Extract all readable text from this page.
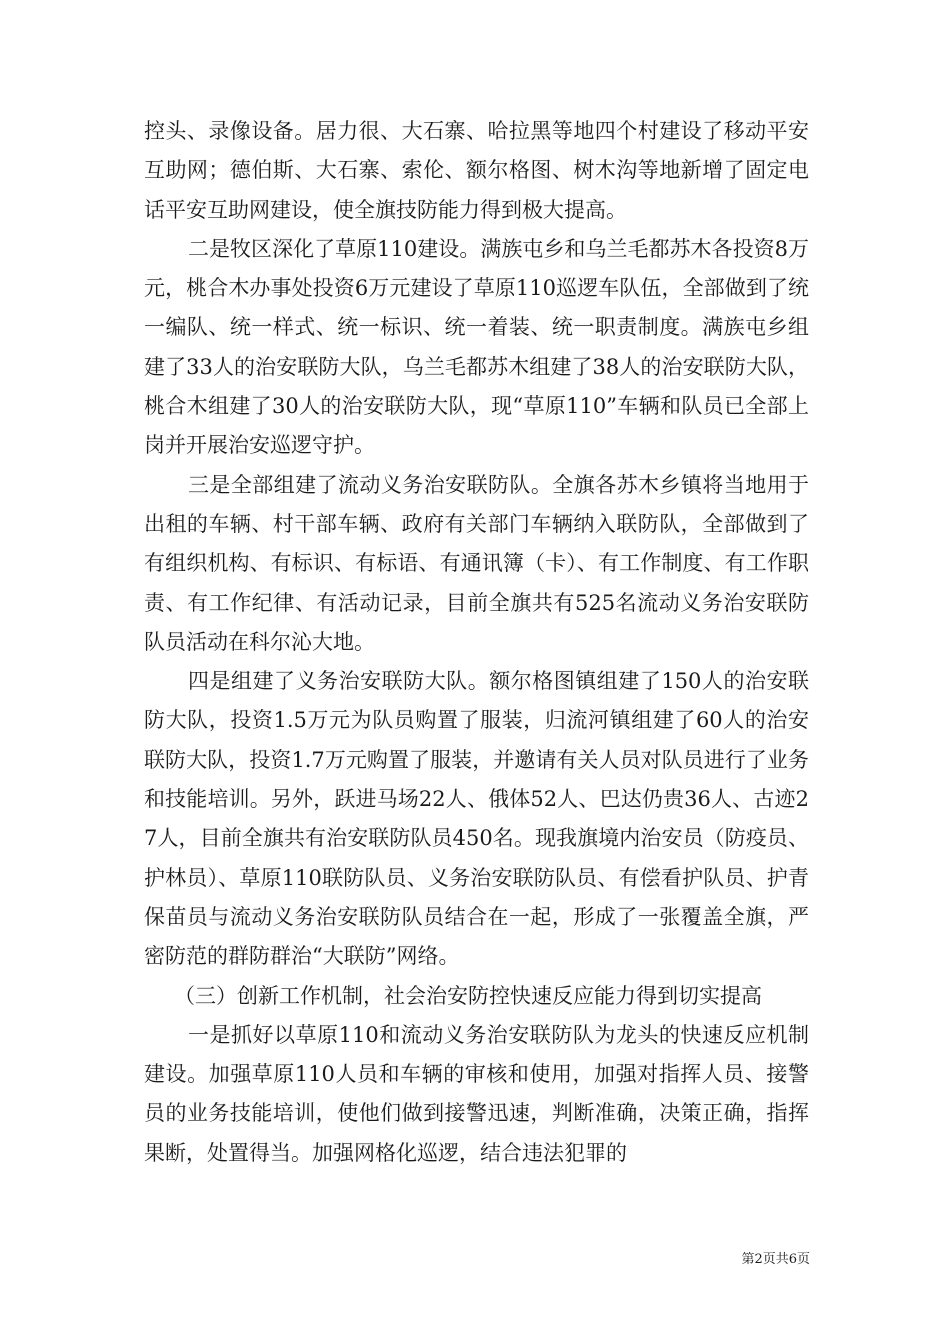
控头、录像设备。居力很、大石寨、哈拉黑等地四个村建设了移动平安互助网；德伯斯、大石寨、索伦、额尔格图、树木沟等地新增了固定电话平安互助网建设，使全旗技防能力得到极大提高。

二是牧区深化了草原110建设。满族屯乡和乌兰毛都苏木各投资8万元，桃合木办事处投资6万元建设了草原110巡逻车队伍，全部做到了统一编队、统一样式、统一标识、统一着装、统一职责制度。满族屯乡组建了33人的治安联防大队，乌兰毛都苏木组建了38人的治安联防大队，桃合木组建了30人的治安联防大队，现“草原110”车辆和队员已全部上岗并开展治安巡逻守护。

三是全部组建了流动义务治安联防队。全旗各苏木乡镇将当地用于出租的车辆、村干部车辆、政府有关部门车辆纳入联防队，全部做到了有组织机构、有标识、有标语、有通讯簿（卡）、有工作制度、有工作职责、有工作纪律、有活动记录，目前全旗共有525名流动义务治安联防队员活动在科尔沁大地。

四是组建了义务治安联防大队。额尔格图镇组建了150人的治安联防大队，投资1.5万元为队员购置了服装，归流河镇组建了60人的治安联防大队，投资1.7万元购置了服装，并邀请有关人员对队员进行了业务和技能培训。另外，跃进马场22人、俄体52人、巴达仍贵36人、古迹27人，目前全旗共有治安联防队员450名。现我旗境内治安员（防疫员、护林员）、草原110联防队员、义务治安联防队员、有偿看护队员、护青保苗员与流动义务治安联防队员结合在一起，形成了一张覆盖全旗，严密防范的群防群治“大联防”网络。

（三）创新工作机制，社会治安防控快速反应能力得到切实提高

一是抓好以草原110和流动义务治安联防队为龙头的快速反应机制建设。加强草原110人员和车辆的审核和使用，加强对指挥人员、接警员的业务技能培训，使他们做到接警迅速，判断准确，决策正确，指挥果断，处置得当。加强网格化巡逻，结合违法犯罪的

第2页共6页
